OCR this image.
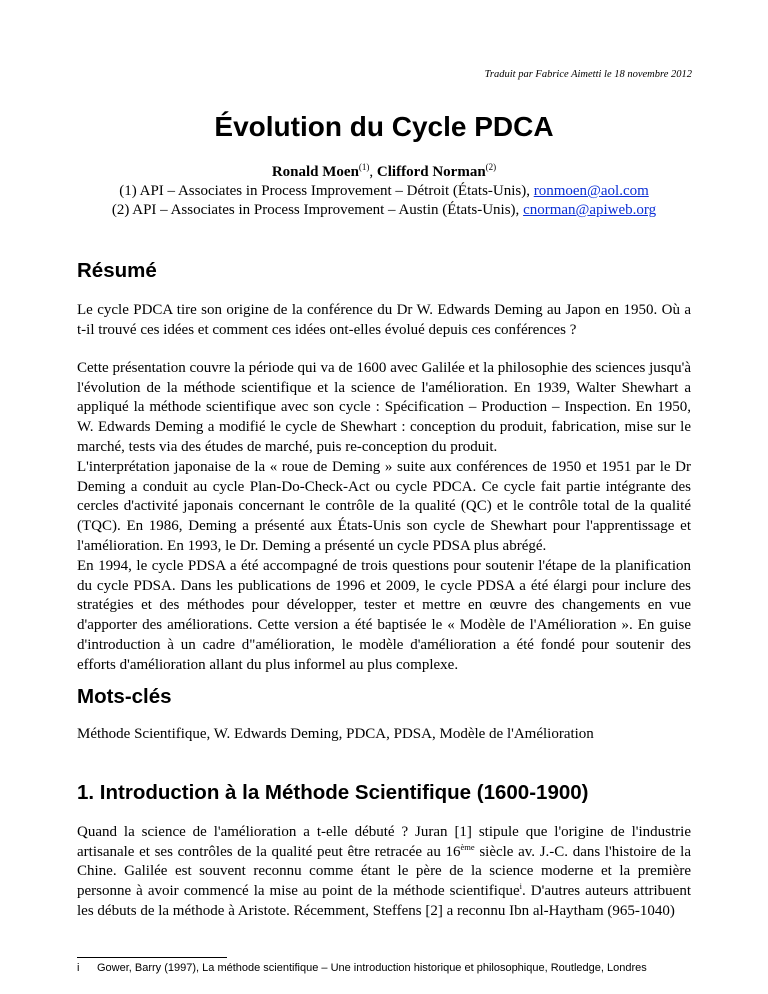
Traduit par Fabrice Aimetti le 18 novembre 2012
Évolution du Cycle PDCA
Ronald Moen$^{(1)}$, Clifford Norman$^{(2)}$
(1) API – Associates in Process Improvement – Détroit (États-Unis), ronmoen@aol.com
(2) API – Associates in Process Improvement – Austin (États-Unis), cnorman@apiweb.org
Résumé
Le cycle PDCA tire son origine de la conférence du Dr W. Edwards Deming au Japon en 1950. Où a t-il trouvé ces idées et comment ces idées ont-elles évolué depuis ces conférences ?
Cette présentation couvre la période qui va de 1600 avec Galilée et la philosophie des sciences jusqu'à l'évolution de la méthode scientifique et la science de l'amélioration. En 1939, Walter Shewhart a appliqué la méthode scientifique avec son cycle : Spécification – Production – Inspection. En 1950, W. Edwards Deming a modifié le cycle de Shewhart : conception du produit, fabrication, mise sur le marché, tests via des études de marché, puis re-conception du produit.
L'interprétation japonaise de la « roue de Deming » suite aux conférences de 1950 et 1951 par le Dr Deming a conduit au cycle Plan-Do-Check-Act ou cycle PDCA. Ce cycle fait partie intégrante des cercles d'activité japonais concernant le contrôle de la qualité (QC) et le contrôle total de la qualité (TQC). En 1986, Deming a présenté aux États-Unis son cycle de Shewhart pour l'apprentissage et l'amélioration. En 1993, le Dr. Deming a présenté un cycle PDSA plus abrégé.
En 1994, le cycle PDSA a été accompagné de trois questions pour soutenir l'étape de la planification du cycle PDSA. Dans les publications de 1996 et 2009, le cycle PDSA a été élargi pour inclure des stratégies et des méthodes pour développer, tester et mettre en œuvre des changements en vue d'apporter des améliorations. Cette version a été baptisée le « Modèle de l'Amélioration ». En guise d'introduction à un cadre d"amélioration, le modèle d'amélioration a été fondé pour soutenir des efforts d'amélioration allant du plus informel au plus complexe.
Mots-clés
Méthode Scientifique, W. Edwards Deming, PDCA, PDSA, Modèle de l'Amélioration
1. Introduction à la Méthode Scientifique (1600-1900)
Quand la science de l'amélioration a t-elle débuté ? Juran [1] stipule que l'origine de l'industrie artisanale et ses contrôles de la qualité peut être retracée au 16ème siècle av. J.-C. dans l'histoire de la Chine. Galilée est souvent reconnu comme étant le père de la science moderne et la première personne à avoir commencé la mise au point de la méthode scientifique$^i$. D'autres auteurs attribuent les débuts de la méthode à Aristote. Récemment, Steffens [2] a reconnu Ibn al-Haytham (965-1040)
i Gower, Barry (1997), La méthode scientifique – Une introduction historique et philosophique, Routledge, Londres
